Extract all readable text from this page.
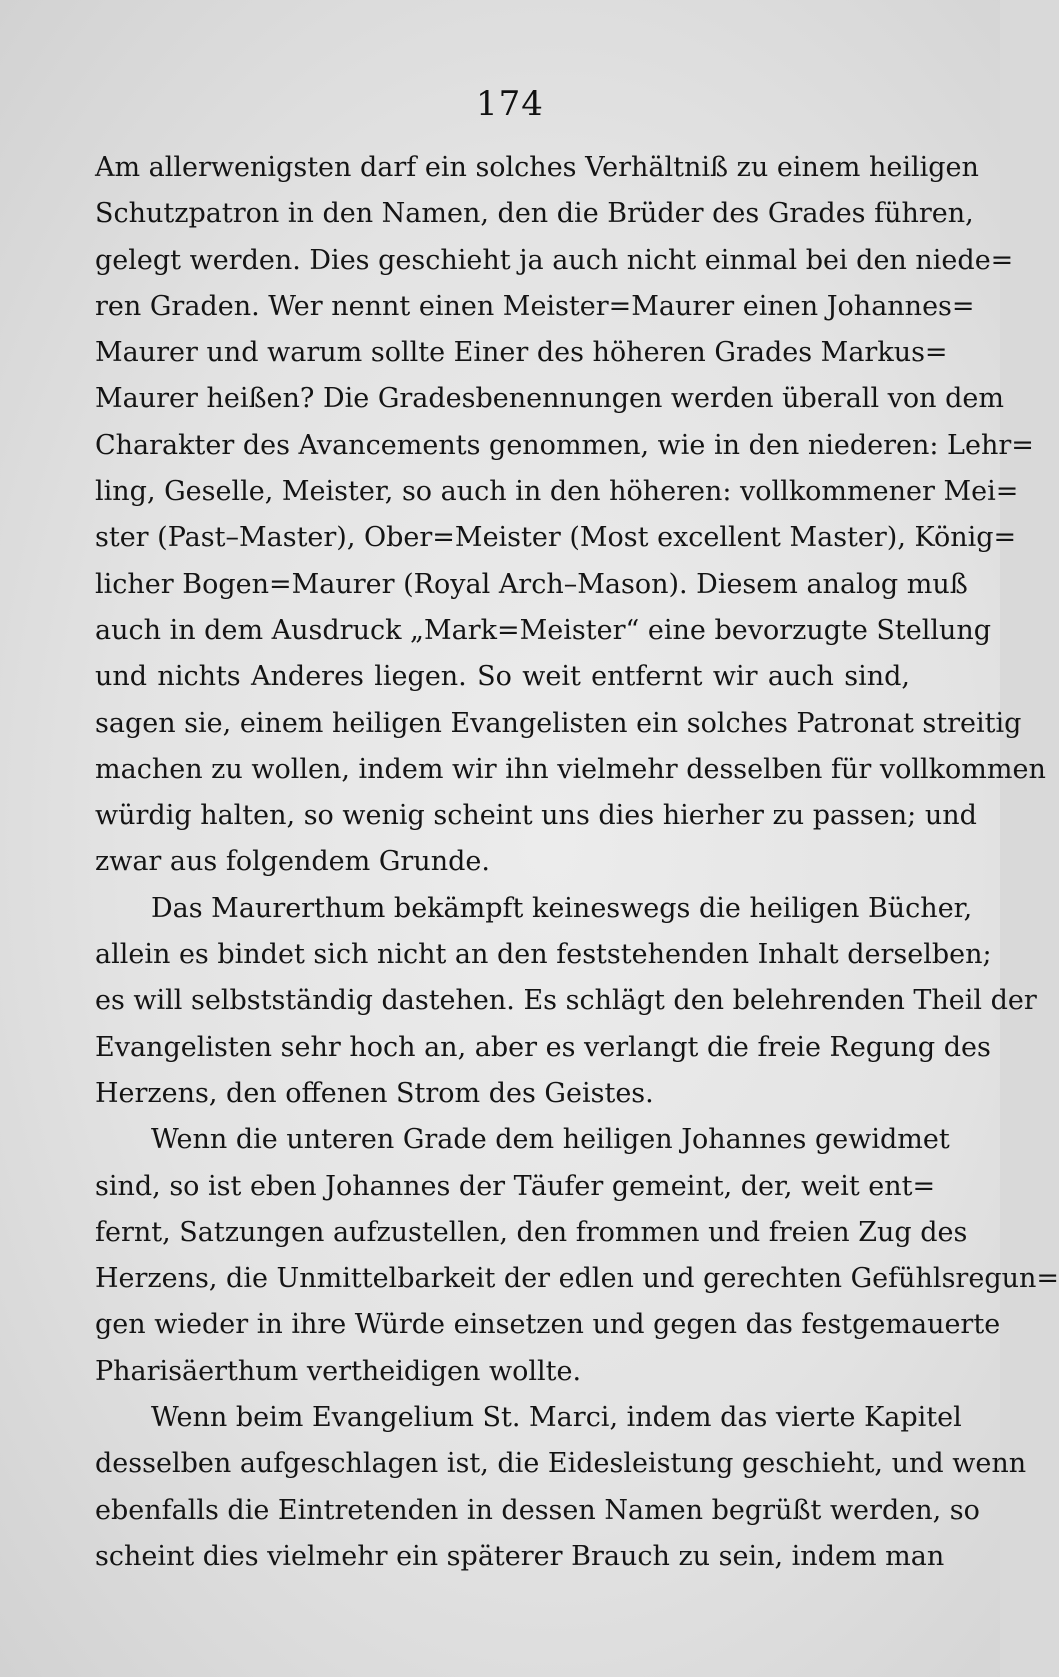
174
Am allerwenigsten darf ein solches Verhältniß zu einem heiligen
Schutzpatron in den Namen, den die Brüder des Grades führen,
gelegt werden. Dies geschieht ja auch nicht einmal bei den niede=
ren Graden. Wer nennt einen Meister=Maurer einen Johannes=
Maurer und warum sollte Einer des höheren Grades Markus=
Maurer heißen? Die Gradesbenennungen werden überall von dem
Charakter des Avancements genommen, wie in den niederen: Lehr=
ling, Geselle, Meister, so auch in den höheren: vollkommener Mei=
ster (Past–Master), Ober=Meister (Most excellent Master), König=
licher Bogen=Maurer (Royal Arch–Mason). Diesem analog muß
auch in dem Ausdruck „Mark=Meister“ eine bevorzugte Stellung
und nichts Anderes liegen. So weit entfernt wir auch sind,
sagen sie, einem heiligen Evangelisten ein solches Patronat streitig
machen zu wollen, indem wir ihn vielmehr desselben für vollkommen
würdig halten, so wenig scheint uns dies hierher zu passen; und
zwar aus folgendem Grunde.
Das Maurerthum bekämpft keineswegs die heiligen Bücher,
allein es bindet sich nicht an den feststehenden Inhalt derselben;
es will selbstständig dastehen. Es schlägt den belehrenden Theil der
Evangelisten sehr hoch an, aber es verlangt die freie Regung des
Herzens, den offenen Strom des Geistes.
Wenn die unteren Grade dem heiligen Johannes gewidmet
sind, so ist eben Johannes der Täufer gemeint, der, weit ent=
fernt, Satzungen aufzustellen, den frommen und freien Zug des
Herzens, die Unmittelbarkeit der edlen und gerechten Gefühlsregun=
gen wieder in ihre Würde einsetzen und gegen das festgemauerte
Pharisäerthum vertheidigen wollte.
Wenn beim Evangelium St. Marci, indem das vierte Kapitel
desselben aufgeschlagen ist, die Eidesleistung geschieht, und wenn
ebenfalls die Eintretenden in dessen Namen begrüßt werden, so
scheint dies vielmehr ein späterer Brauch zu sein, indem man
